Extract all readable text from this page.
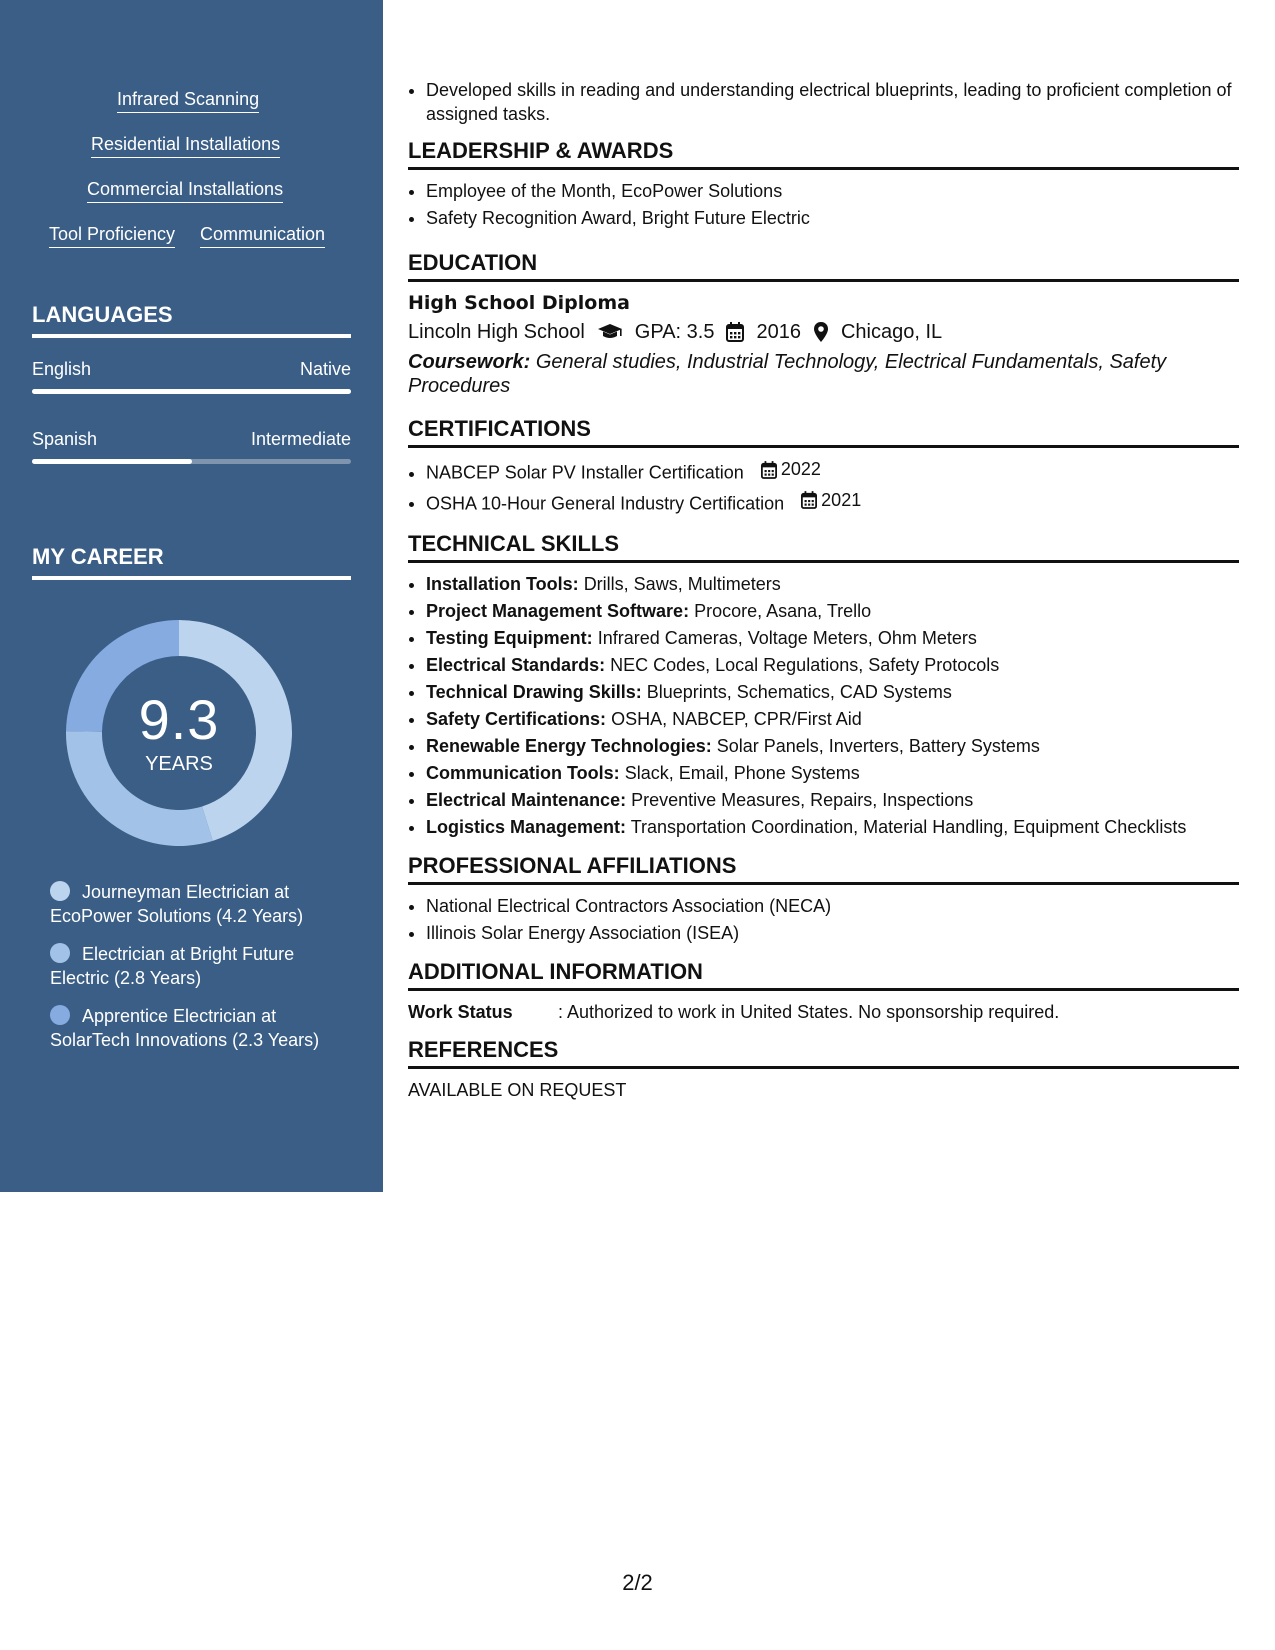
Infrared Scanning
Residential Installations
Commercial Installations
Tool Proficiency Communication
LANGUAGES
English	Native
Spanish	Intermediate
MY CAREER
9.3
YEARS
Journeyman Electrician at EcoPower Solutions (4.2 Years)
Electrician at Bright Future Electric (2.8 Years)
Apprentice Electrician at SolarTech Innovations (2.3 Years)
• Developed skills in reading and understanding electrical blueprints, leading to proficient completion of assigned tasks.
LEADERSHIP & AWARDS
• Employee of the Month, EcoPower Solutions
• Safety Recognition Award, Bright Future Electric
EDUCATION
High School Diploma
Lincoln High School	GPA: 3.5 2016 Chicago, IL
Coursework: General studies, Industrial Technology, Electrical Fundamentals, Safety Procedures
CERTIFICATIONS
• NABCEP Solar PV Installer Certification 2022
• OSHA 10-Hour General Industry Certification 2021
TECHNICAL SKILLS
• Installation Tools: Drills, Saws, Multimeters
• Project Management Software: Procore, Asana, Trello
• Testing Equipment: Infrared Cameras, Voltage Meters, Ohm Meters
• Electrical Standards: NEC Codes, Local Regulations, Safety Protocols
• Technical Drawing Skills: Blueprints, Schematics, CAD Systems
• Safety Certifications: OSHA, NABCEP, CPR/First Aid
• Renewable Energy Technologies: Solar Panels, Inverters, Battery Systems
• Communication Tools: Slack, Email, Phone Systems
• Electrical Maintenance: Preventive Measures, Repairs, Inspections
• Logistics Management: Transportation Coordination, Material Handling, Equipment Checklists
PROFESSIONAL AFFILIATIONS
• National Electrical Contractors Association (NECA)
• Illinois Solar Energy Association (ISEA)
ADDITIONAL INFORMATION
Work Status	: Authorized to work in United States. No sponsorship required.
REFERENCES
AVAILABLE ON REQUEST
2/2
